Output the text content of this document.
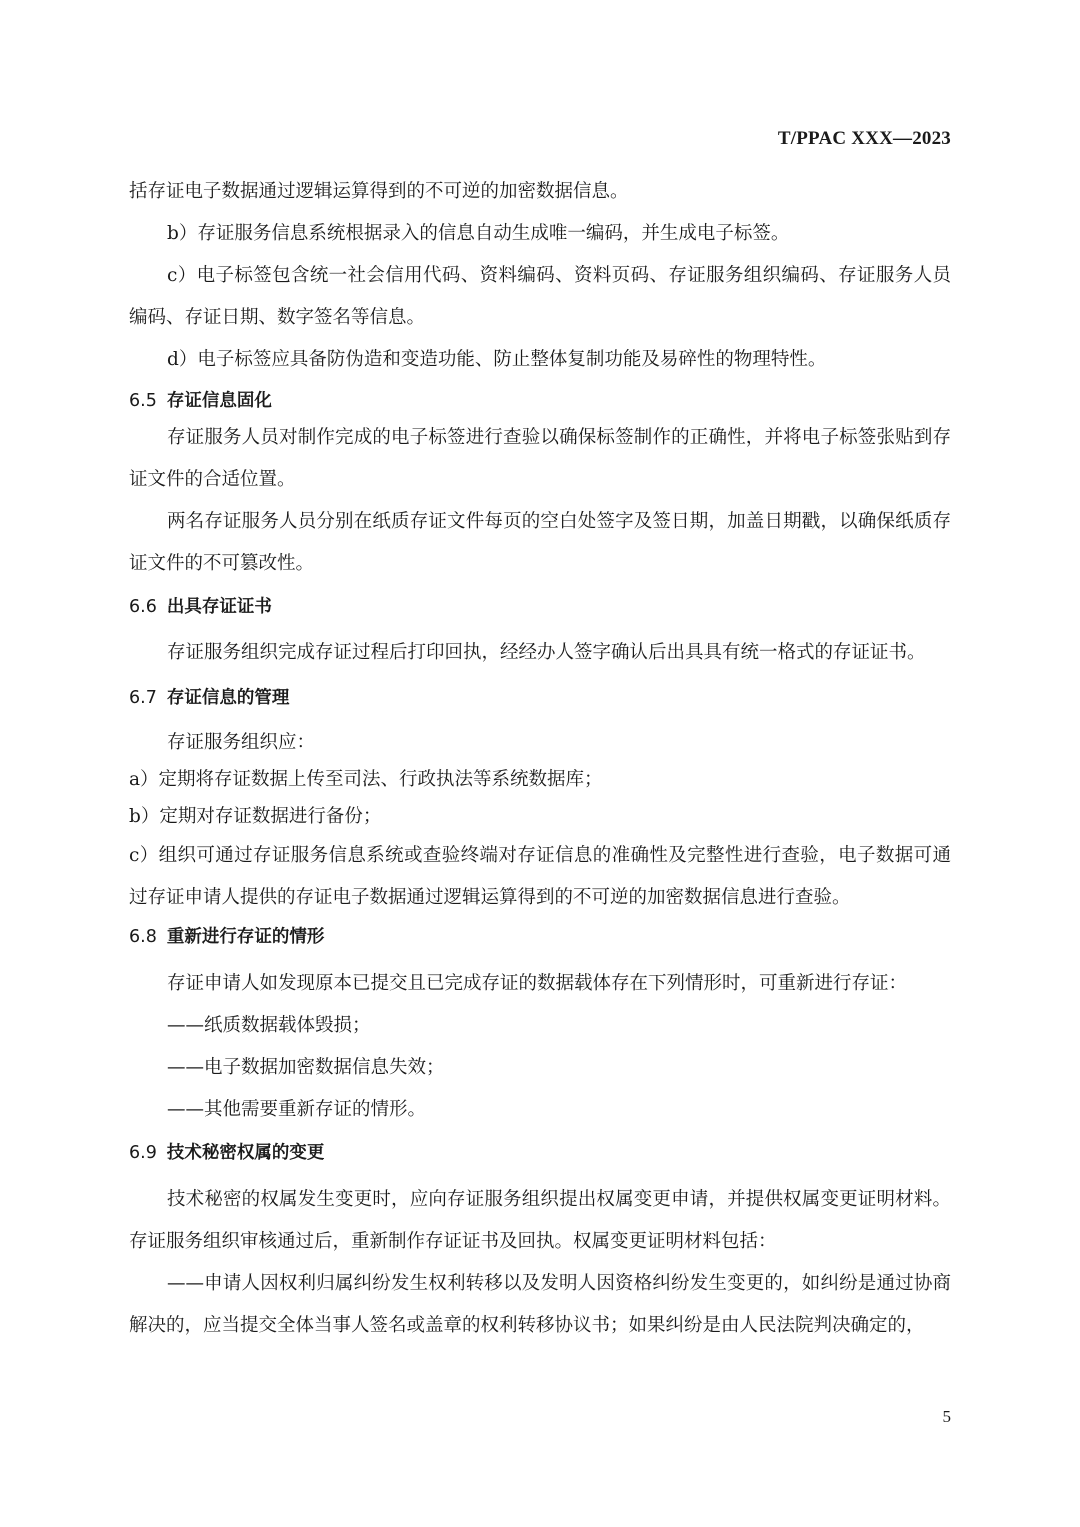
T/PPAC XXX—2023

括存证电子数据通过逻辑运算得到的不可逆的加密数据信息。

b）存证服务信息系统根据录入的信息自动生成唯一编码，并生成电子标签。

c）电子标签包含统一社会信用代码、资料编码、资料页码、存证服务组织编码、存证服务人员编码、存证日期、数字签名等信息。

d）电子标签应具备防伪造和变造功能、防止整体复制功能及易碎性的物理特性。

6.5 存证信息固化

存证服务人员对制作完成的电子标签进行查验以确保标签制作的正确性，并将电子标签张贴到存证文件的合适位置。

两名存证服务人员分别在纸质存证文件每页的空白处签字及签日期，加盖日期戳，以确保纸质存证文件的不可篡改性。

6.6 出具存证证书

存证服务组织完成存证过程后打印回执，经经办人签字确认后出具具有统一格式的存证证书。

6.7 存证信息的管理

存证服务组织应：

a）定期将存证数据上传至司法、行政执法等系统数据库；

b）定期对存证数据进行备份；

c）组织可通过存证服务信息系统或查验终端对存证信息的准确性及完整性进行查验，电子数据可通过存证申请人提供的存证电子数据通过逻辑运算得到的不可逆的加密数据信息进行查验。

6.8 重新进行存证的情形

存证申请人如发现原本已提交且已完成存证的数据载体存在下列情形时，可重新进行存证：

——纸质数据载体毁损；

——电子数据加密数据信息失效；

——其他需要重新存证的情形。

6.9 技术秘密权属的变更

技术秘密的权属发生变更时，应向存证服务组织提出权属变更申请，并提供权属变更证明材料。存证服务组织审核通过后，重新制作存证证书及回执。权属变更证明材料包括：

——申请人因权利归属纠纷发生权利转移以及发明人因资格纠纷发生变更的，如纠纷是通过协商解决的，应当提交全体当事人签名或盖章的权利转移协议书；如果纠纷是由人民法院判决确定的，

5
